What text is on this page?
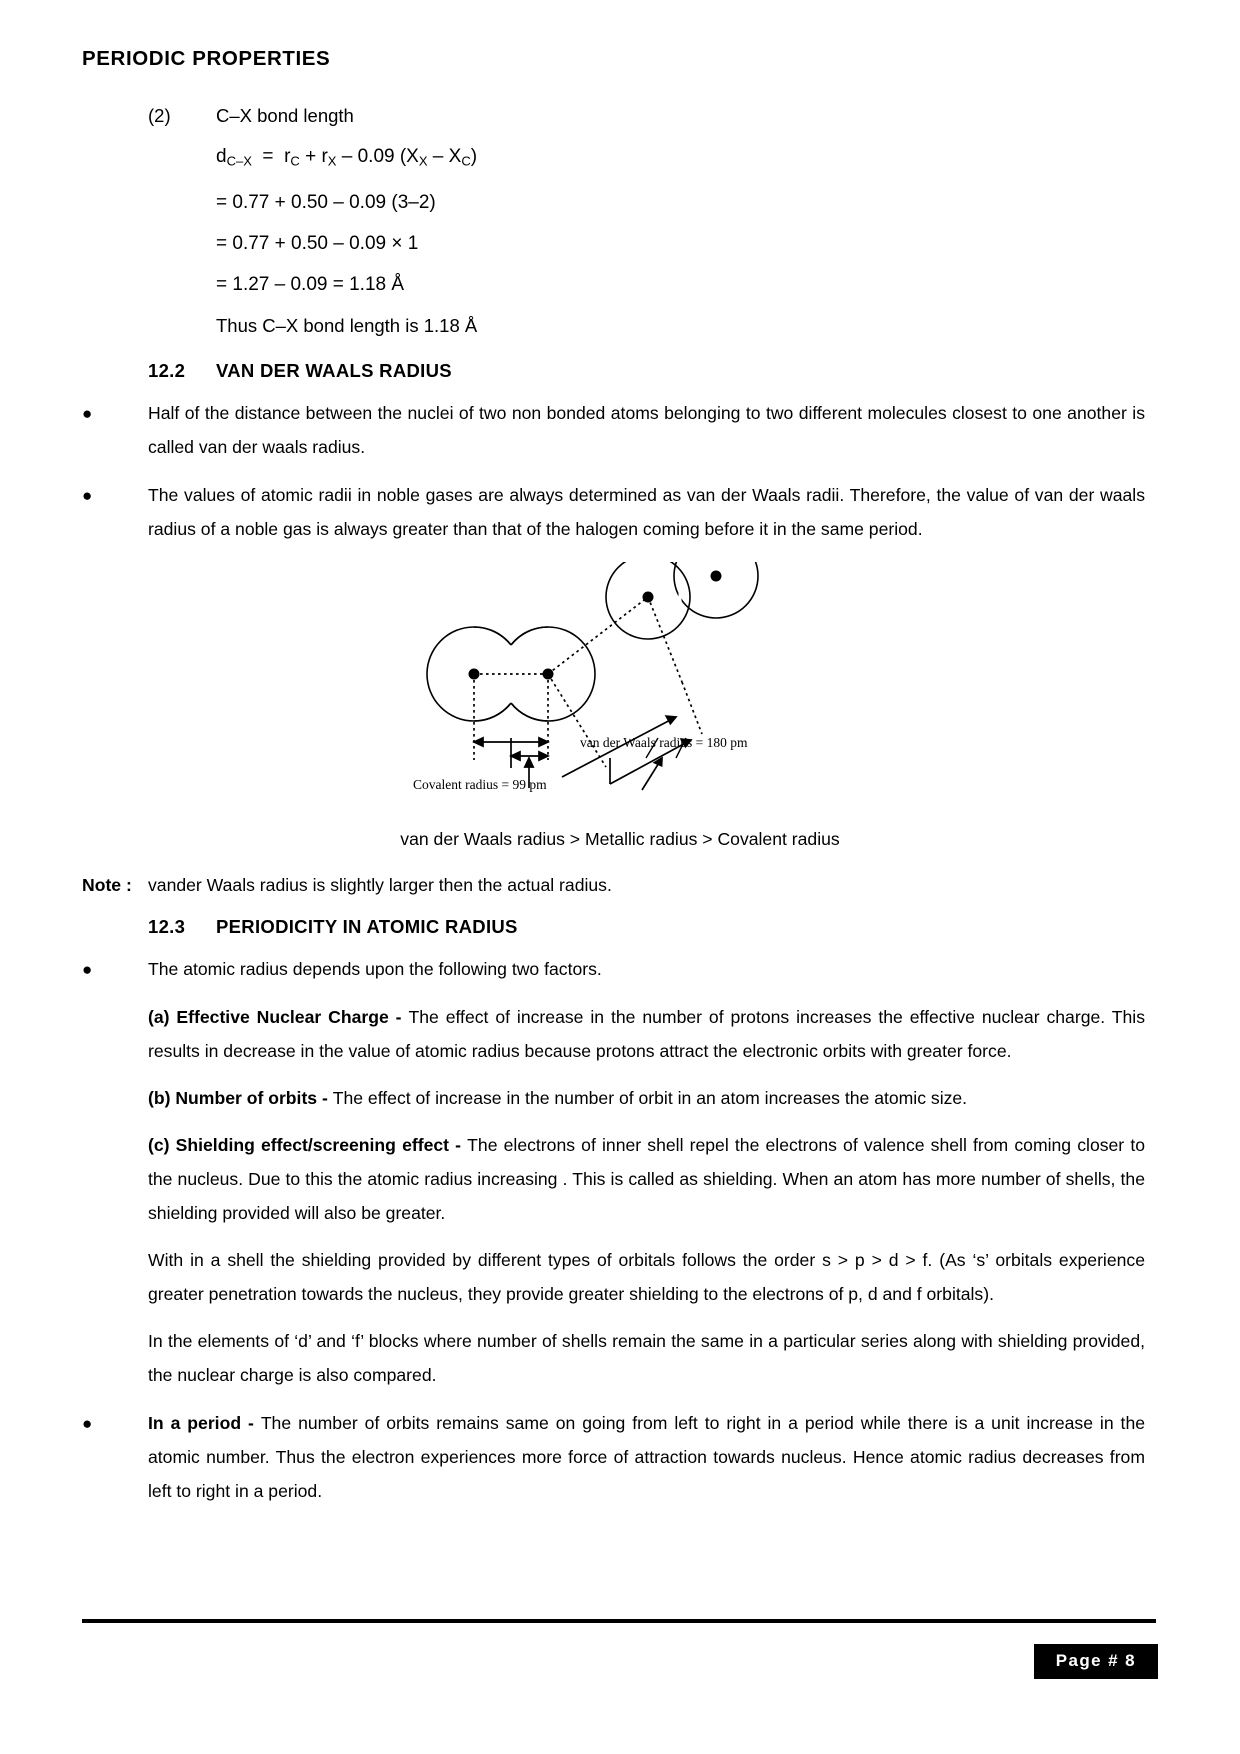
PERIODIC PROPERTIES
(2)	C–X bond length
$d_{C-X} = r_C + r_X - 0.09$ $(X_X - X_C)$
= 0.77 + 0.50 – 0.09 (3–2)
= 0.77 + 0.50 – 0.09 × 1
= 1.27 – 0.09 = 1.18 Å
Thus C–X bond length is 1.18 Å
12.2	VAN DER WAALS RADIUS
●	Half of the distance between the nuclei of two non bonded atoms belonging to two different molecules closest to one another is called van der waals radius.
●	The values of atomic radii in noble gases are always determined as van der Waals radii. Therefore, the value of van der waals radius of a noble gas is always greater than that of the halogen coming before it in the same period.
van der Waals radius = 180 pm
Covalent radius = 99 pm
van der Waals radius > Metallic radius > Covalent radius
Note : vander Waals radius is slightly larger then the actual radius.
12.3	PERIODICITY IN ATOMIC RADIUS
●	The atomic radius depends upon the following two factors.
(a) Effective Nuclear Charge - The effect of increase in the number of protons increases the effective nuclear charge. This results in decrease in the value of atomic radius because protons attract the electronic orbits with greater force.
(b) Number of orbits - The effect of increase in the number of orbit in an atom increases the atomic size.
(c) Shielding effect/screening effect - The electrons of inner shell repel the electrons of valence shell from coming closer to the nucleus. Due to this the atomic radius increasing . This is called as shielding. When an atom has more number of shells, the shielding provided will also be greater.
With in a shell the shielding provided by different types of orbitals follows the order s > p > d > f. (As ‘s’ orbitals experience greater penetration towards the nucleus, they provide greater shielding to the electrons of p, d and f orbitals).
In the elements of ‘d’ and ‘f’ blocks where number of shells remain the same in a particular series along with shielding provided, the nuclear charge is also compared.
●	In a period - The number of orbits remains same on going from left to right in a period while there is a unit increase in the atomic number. Thus the electron experiences more force of attraction towards nucleus. Hence atomic radius decreases from left to right in a period.
Page # 8
